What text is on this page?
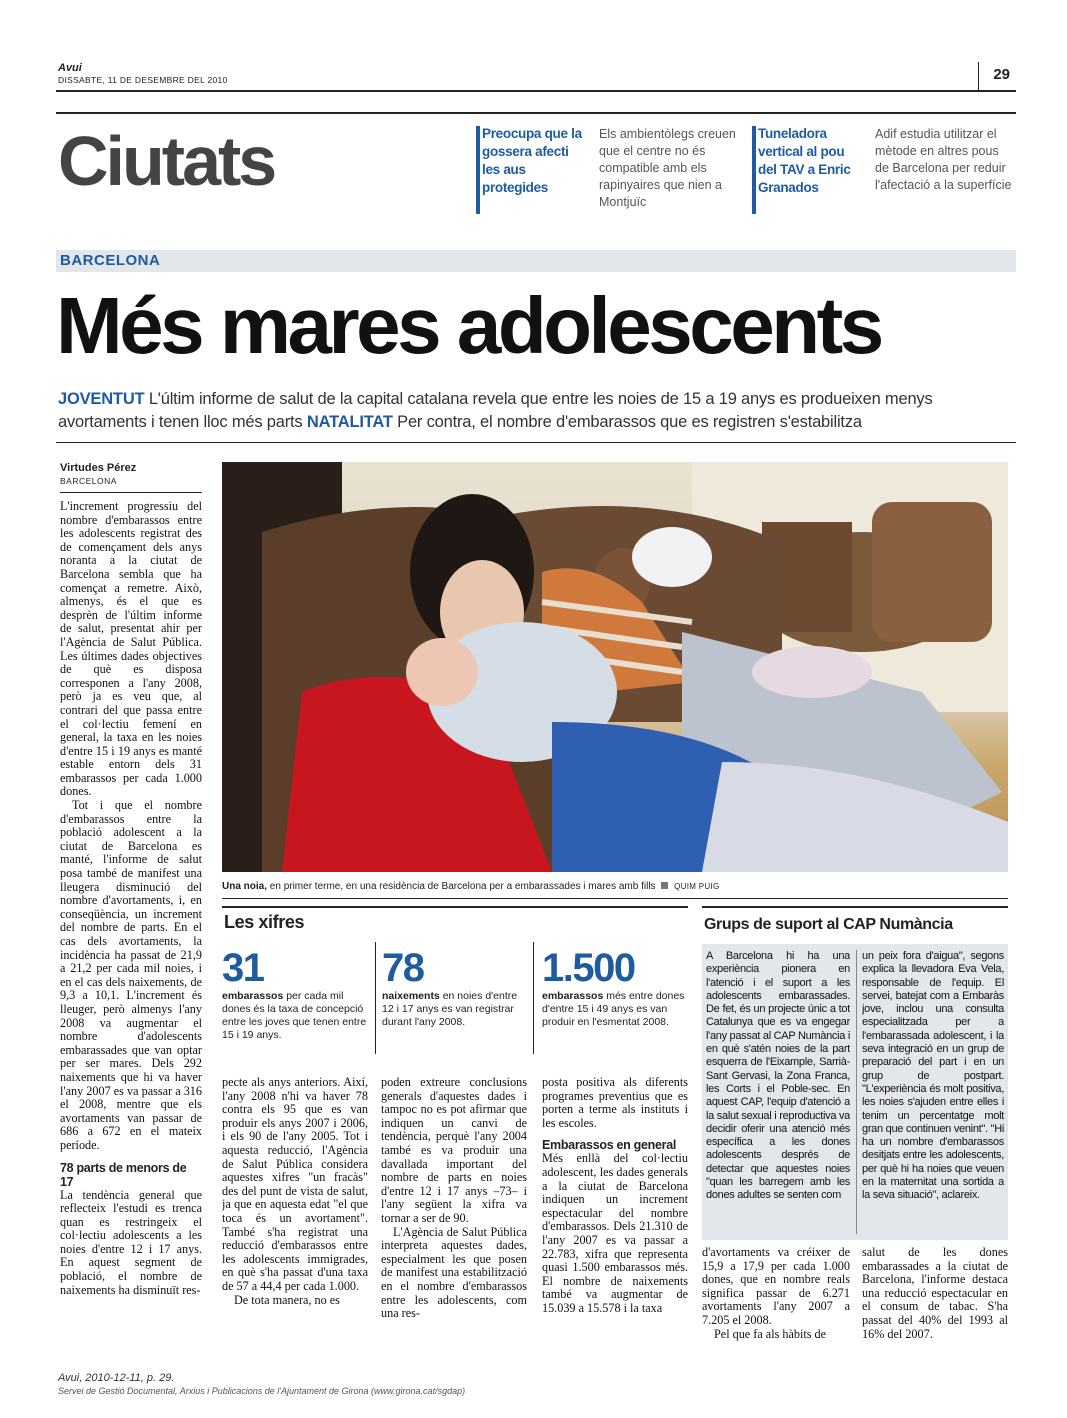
Avui
DISSABTE, 11 DE DESEMBRE DEL 2010	29
Ciutats	Preocupa que la gossera afecti les aus protegides
Els ambientòlegs creuen que el centre no és compatible amb els rapinyaires que nien a Montjuïc
Tuneladora vertical al pou del TAV a Enric Granados
Adif estudia utilitzar el mètode en altres pous de Barcelona per reduir l'afectació a la superfície
BARCELONA
Més mares adolescents
JOVENTUT L'últim informe de salut de la capital catalana revela que entre les noies de 15 a 19 anys es produeixen menys avortaments i tenen lloc més parts NATALITAT Per contra, el nombre d'embarassos que es registren s'estabilitza
Virtudes Pérez
BARCELONA

L'increment progressiu del nombre d'embarassos entre les adolescents registrat des de començament dels anys noranta a la ciutat de Barcelona sembla que ha començat a remetre. Això, almenys, és el que es desprèn de l'últim informe de salut, presentat ahir per l'Agència de Salut Pública. Les últimes dades objectives de què es disposa corresponen a l'any 2008, però ja es veu que, al contrari del que passa entre el col·lectiu femení en general, la taxa en les noies d'entre 15 i 19 anys es manté estable entorn dels 31 embarassos per cada 1.000 dones.

Tot i que el nombre d'embarassos entre la població adolescent a la ciutat de Barcelona es manté, l'informe de salut posa també de manifest una lleugera disminució del nombre d'avortaments, i, en conseqüència, un increment del nombre de parts. En el cas dels avortaments, la incidència ha passat de 21,9 a 21,2 per cada mil noies, i en el cas dels naixements, de 9,3 a 10,1. L'increment és lleuger, però almenys l'any 2008 va augmentar el nombre d'adolescents embarassades que van optar per ser mares. Dels 292 naixements que hi va haver l'any 2007 es va passar a 316 el 2008, mentre que els avortaments van passar de 686 a 672 en el mateix període.

78 parts de menors de 17

La tendència general que reflecteix l'estudi es trenca quan es restringeix el col·lectiu adolescents a les noies d'entre 12 i 17 anys. En aquest segment de població, el nombre de naixements ha disminuït res-

Una noia, en primer terme, en una residència de Barcelona per a embarassades i mares amb fills QUIM PUIG
Les xifres
31
embarassos per cada mil dones és la taxa de concepció entre les joves que tenen entre 15 i 19 anys.
78
naixements en noies d'entre 12 i 17 anys es van registrar durant l'any 2008.
1.500
embarassos més entre dones d'entre 15 i 49 anys es van produir en l'esmentat 2008.

pecte als anys anteriors. Així, l'any 2008 n'hi va haver 78 contra els 95 que es van produir els anys 2007 i 2006, i els 90 de l'any 2005. Tot i aquesta reducció, l'Agència de Salut Pública considera aquestes xifres "un fracàs" des del punt de vista de salut, ja que en aquesta edat "el que toca és un avortament". També s'ha registrat una reducció d'embarassos entre les adolescents immigrades, en què s'ha passat d'una taxa de 57 a 44,4 per cada 1.000.

De tota manera, no es

poden extreure conclusions generals d'aquestes dades i tampoc no es pot afirmar que indiquen un canvi de tendència, perquè l'any 2004 també es va produir una davallada important del nombre de parts en noies d'entre 12 i 17 anys –73– i l'any següent la xifra va tornar a ser de 90.

L'Agència de Salut Pública interpreta aquestes dades, especialment les que posen de manifest una estabilització en el nombre d'embarassos entre les adolescents, com una res-

posta positiva als diferents programes preventius que es porten a terme als instituts i les escoles.

Embarassos en general

Més enllà del col·lectiu adolescent, les dades generals a la ciutat de Barcelona indiquen un increment espectacular del nombre d'embarassos. Dels 21.310 de l'any 2007 es va passar a 22.783, xifra que representa quasi 1.500 embarassos més. El nombre de naixements també va augmentar de 15.039 a 15.578 i la taxa

Grups de suport al CAP Numància

A Barcelona hi ha una experiència pionera en l'atenció i el suport a les adolescents embarassades. De fet, és un projecte únic a tot Catalunya que es va engegar l'any passat al CAP Numància i en què s'atén noies de la part esquerra de l'Eixample, Sarrià-Sant Gervasi, la Zona Franca, les Corts i el Poble-sec. En aquest CAP, l'equip d'atenció a la salut sexual i reproductiva va decidir oferir una atenció més específica a les dones adolescents després de detectar que aquestes noies "quan les barregem amb les dones adultes se senten com

un peix fora d'aigua", segons explica la llevadora Eva Vela, responsable de l'equip. El servei, batejat com a Embaràs jove, inclou una consulta especialitzada per a l'embarassada adolescent, i la seva integració en un grup de preparació del part i en un grup de postpart. "L'experiència és molt positiva, les noies s'ajuden entre elles i tenim un percentatge molt gran que continuen venint". "Hi ha un nombre d'embarassos desitjats entre les adolescents, per què hi ha noies que veuen en la maternitat una sortida a la seva situació", aclareix.

d'avortaments va créixer de 15,9 a 17,9 per cada 1.000 dones, que en nombre reals significa passar de 6.271 avortaments l'any 2007 a 7.205 el 2008.

Pel que fa als hàbits de

salut de les dones embarassades a la ciutat de Barcelona, l'informe destaca una reducció espectacular en el consum de tabac. S'ha passat del 40% del 1993 al 16% del 2007.

Avui, 2010-12-11, p. 29.
Servei de Gestió Documental, Arxius i Publicacions de l'Ajuntament de Girona (www.girona.cat/sgdap)
